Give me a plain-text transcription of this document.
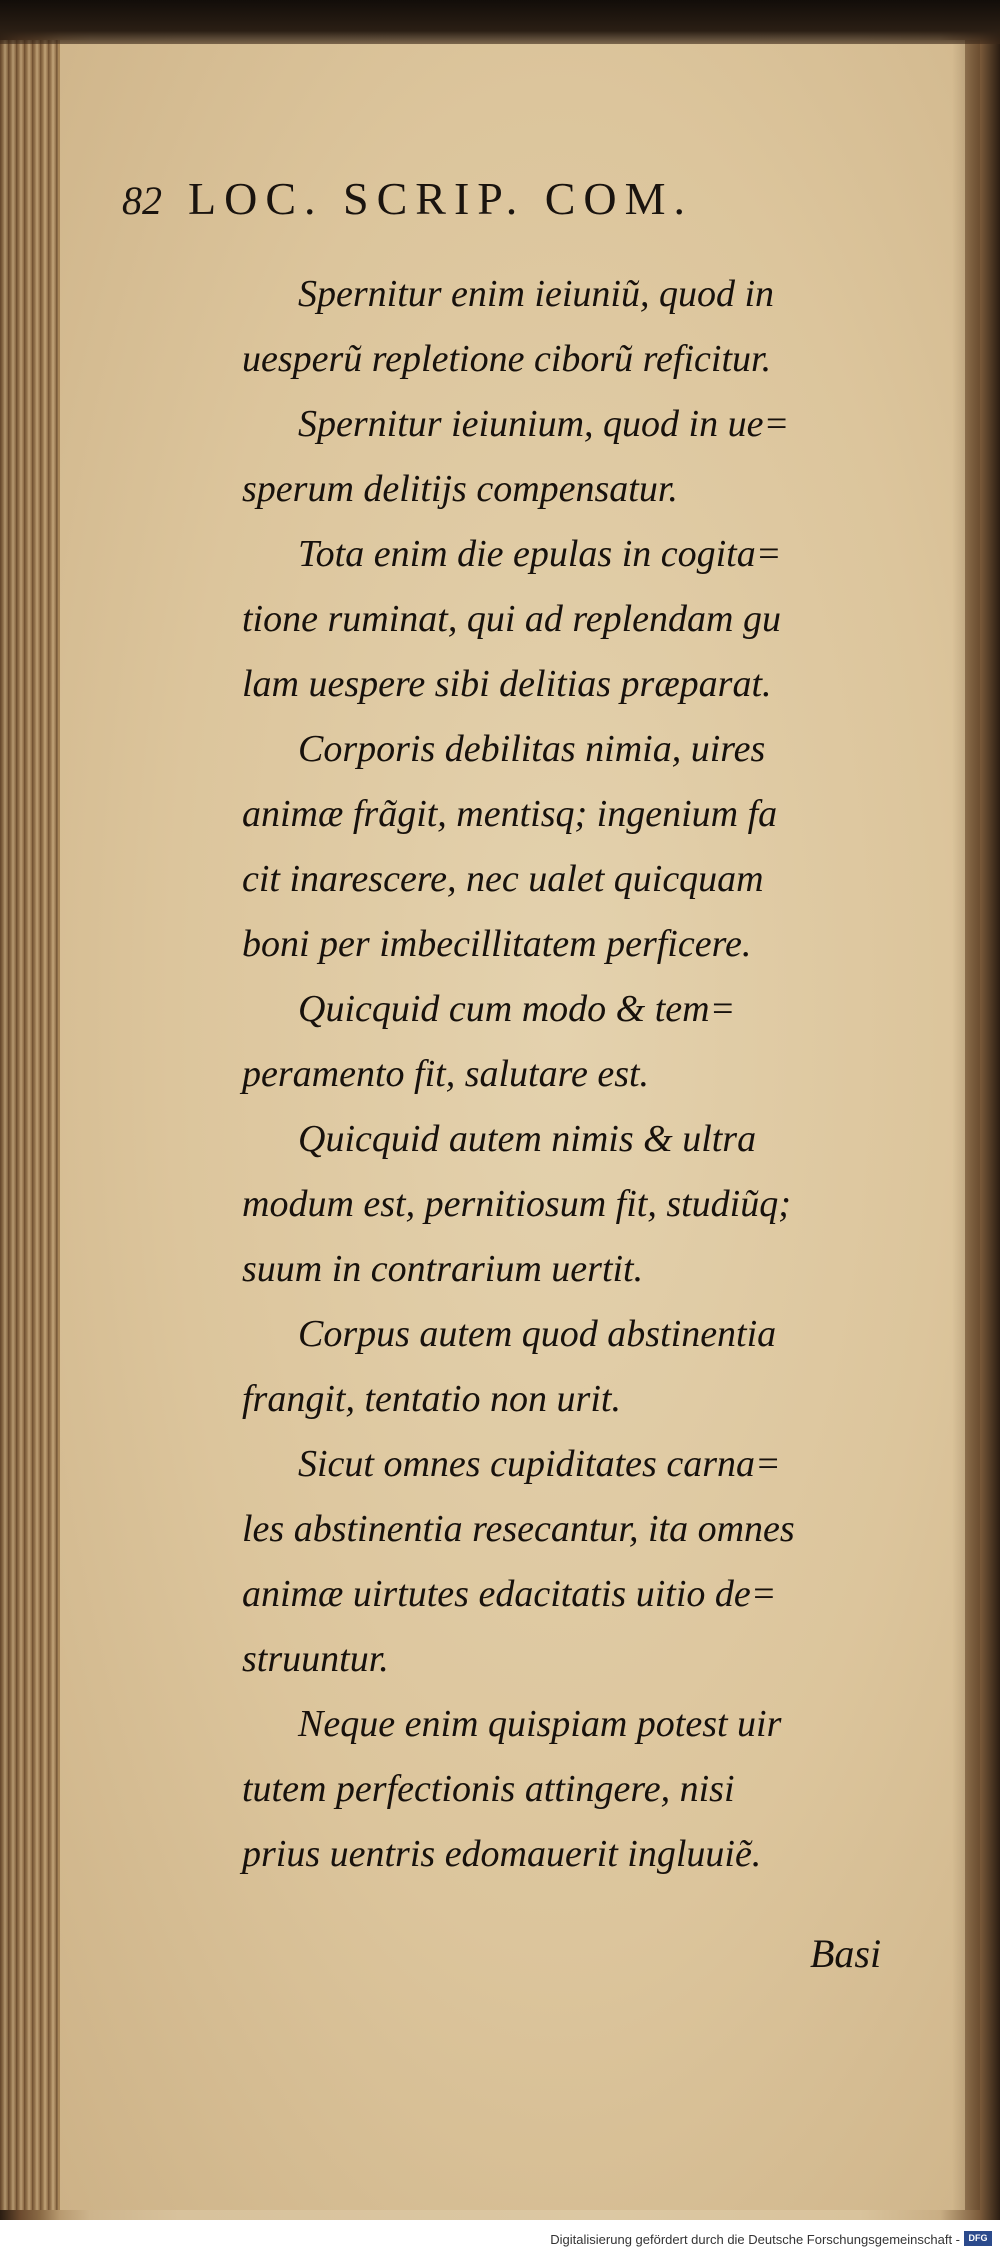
82 LOC. SCRIP. COM.
Spernitur enim ieiuniũ, quod in
uesperũ repletione ciborũ reficitur.
Spernitur ieiunium, quod in ue=
sperum delitijs compensatur.
Tota enim die epulas in cogita=
tione ruminat, qui ad replendam gu
lam uespere sibi delitias præparat.
Corporis debilitas nimia, uires
animæ frãgit, mentisq; ingenium fa
cit inarescere, nec ualet quicquam
boni per imbecillitatem perficere.
Quicquid cum modo & tem=
peramento fit, salutare est.
Quicquid autem nimis & ultra
modum est, pernitiosum fit, studiũq;
suum in contrarium uertit.
Corpus autem quod abstinentia
frangit, tentatio non urit.
Sicut omnes cupiditates carna=
les abstinentia resecantur, ita omnes
animæ uirtutes edacitatis uitio de=
struuntur.
Neque enim quispiam potest uir
tutem perfectionis attingere, nisi
prius uentris edomauerit ingluuiẽ.
Basi
Digitalisierung gefördert durch die Deutsche Forschungsgemeinschaft - DFG
